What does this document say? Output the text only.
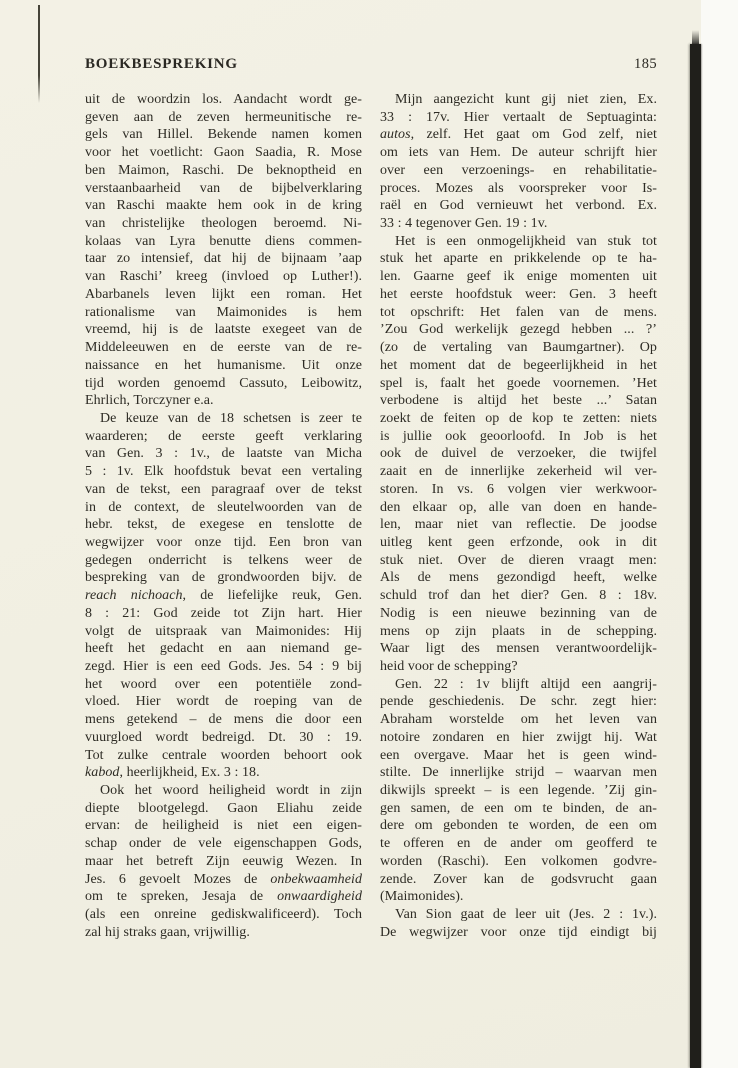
BOEKBESPREKING	185
uit de woordzin los. Aandacht wordt ge-
geven aan de zeven hermeunitische re-
gels van Hillel. Bekende namen komen
voor het voetlicht: Gaon Saadia, R. Mose
ben Maimon, Raschi. De beknoptheid en
verstaanbaarheid van de bijbelverklaring
van Raschi maakte hem ook in de kring
van christelijke theologen beroemd. Ni-
kolaas van Lyra benutte diens commen-
taar zo intensief, dat hij de bijnaam ’aap
van Raschi’ kreeg (invloed op Luther!).
Abarbanels leven lijkt een roman. Het
rationalisme van Maimonides is hem
vreemd, hij is de laatste exegeet van de
Middeleeuwen en de eerste van de re-
naissance en het humanisme. Uit onze
tijd worden genoemd Cassuto, Leibowitz,
Ehrlich, Torczyner e.a.
De keuze van de 18 schetsen is zeer te
waarderen; de eerste geeft verklaring
van Gen. 3 : 1v., de laatste van Micha
5 : 1v. Elk hoofdstuk bevat een vertaling
van de tekst, een paragraaf over de tekst
in de context, de sleutelwoorden van de
hebr. tekst, de exegese en tenslotte de
wegwijzer voor onze tijd. Een bron van
gedegen onderricht is telkens weer de
bespreking van de grondwoorden bijv. de
reach nichoach, de liefelijke reuk, Gen.
8 : 21: God zeide tot Zijn hart. Hier
volgt de uitspraak van Maimonides: Hij
heeft het gedacht en aan niemand ge-
zegd. Hier is een eed Gods. Jes. 54 : 9 bij
het woord over een potentiële zond-
vloed. Hier wordt de roeping van de
mens getekend – de mens die door een
vuurgloed wordt bedreigd. Dt. 30 : 19.
Tot zulke centrale woorden behoort ook
kabod, heerlijkheid, Ex. 3 : 18.
Ook het woord heiligheid wordt in zijn
diepte blootgelegd. Gaon Eliahu zeide
ervan: de heiligheid is niet een eigen-
schap onder de vele eigenschappen Gods,
maar het betreft Zijn eeuwig Wezen. In
Jes. 6 gevoelt Mozes de onbekwaamheid
om te spreken, Jesaja de onwaardigheid
(als een onreine gediskwalificeerd). Toch
zal hij straks gaan, vrijwillig.
Mijn aangezicht kunt gij niet zien, Ex.
33 : 17v. Hier vertaalt de Septuaginta:
autos, zelf. Het gaat om God zelf, niet
om iets van Hem. De auteur schrijft hier
over een verzoenings- en rehabilitatie-
proces. Mozes als voorspreker voor Is-
raël en God vernieuwt het verbond. Ex.
33 : 4 tegenover Gen. 19 : 1v.
Het is een onmogelijkheid van stuk tot
stuk het aparte en prikkelende op te ha-
len. Gaarne geef ik enige momenten uit
het eerste hoofdstuk weer: Gen. 3 heeft
tot opschrift: Het falen van de mens.
’Zou God werkelijk gezegd hebben ... ?’
(zo de vertaling van Baumgartner). Op
het moment dat de begeerlijkheid in het
spel is, faalt het goede voornemen. ’Het
verbodene is altijd het beste ...’ Satan
zoekt de feiten op de kop te zetten: niets
is jullie ook geoorloofd. In Job is het
ook de duivel de verzoeker, die twijfel
zaait en de innerlijke zekerheid wil ver-
storen. In vs. 6 volgen vier werkwoor-
den elkaar op, alle van doen en hande-
len, maar niet van reflectie. De joodse
uitleg kent geen erfzonde, ook in dit
stuk niet. Over de dieren vraagt men:
Als de mens gezondigd heeft, welke
schuld trof dan het dier? Gen. 8 : 18v.
Nodig is een nieuwe bezinning van de
mens op zijn plaats in de schepping.
Waar ligt des mensen verantwoordelijk-
heid voor de schepping?
Gen. 22 : 1v blijft altijd een aangrij-
pende geschiedenis. De schr. zegt hier:
Abraham worstelde om het leven van
notoire zondaren en hier zwijgt hij. Wat
een overgave. Maar het is geen wind-
stilte. De innerlijke strijd – waarvan men
dikwijls spreekt – is een legende. ’Zij gin-
gen samen, de een om te binden, de an-
dere om gebonden te worden, de een om
te offeren en de ander om geofferd te
worden (Raschi). Een volkomen godvre-
zende. Zover kan de godsvrucht gaan
(Maimonides).
Van Sion gaat de leer uit (Jes. 2 : 1v.).
De wegwijzer voor onze tijd eindigt bij
